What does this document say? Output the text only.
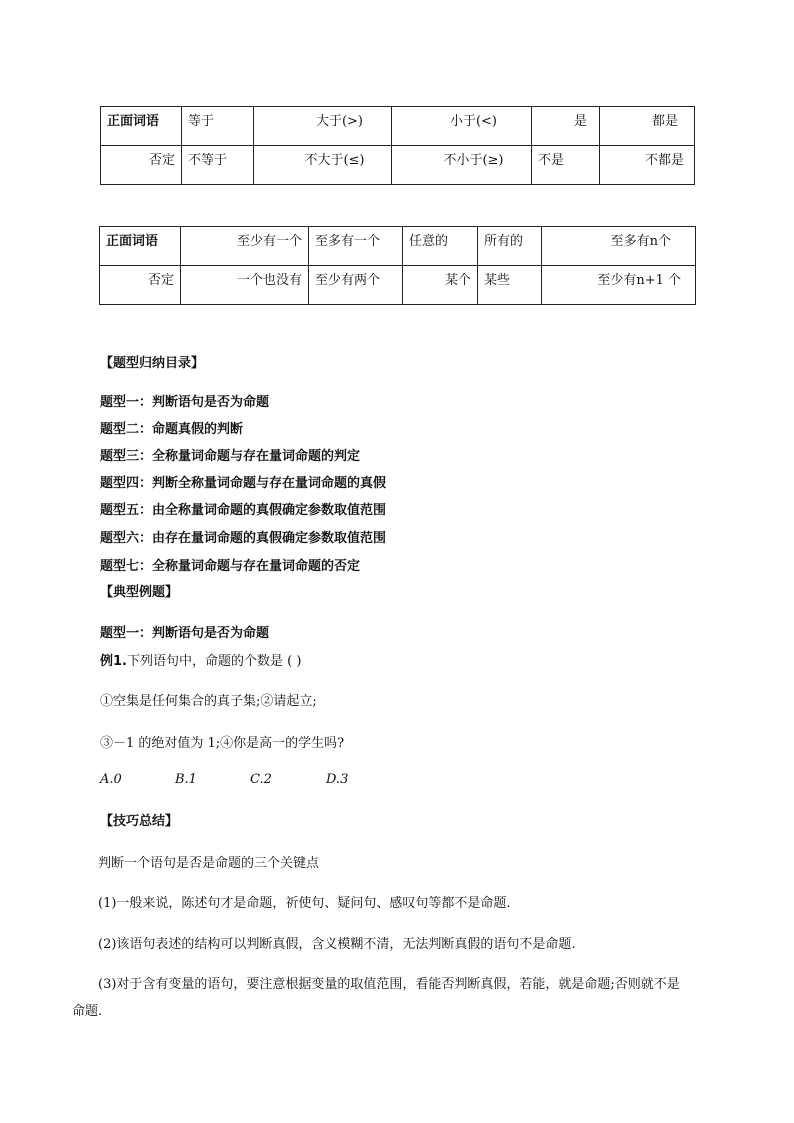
正面词语	等于	大于(>)	小于(<)	是	都是
否定	不等于	不大于(≤)	不小于(≥)	不是	不都是
正面词语	至少有一个	至多有一个	任意的	所有的	至多有n个
否定	一个也没有	至少有两个	某个	某些	至少有n+1 个
【题型归纳目录】
题型一：判断语句是否为命题
题型二：命题真假的判断
题型三：全称量词命题与存在量词命题的判定
题型四：判断全称量词命题与存在量词命题的真假
题型五：由全称量词命题的真假确定参数取值范围
题型六：由存在量词命题的真假确定参数取值范围
题型七：全称量词命题与存在量词命题的否定
【典型例题】
题型一：判断语句是否为命题
例1.下列语句中，命题的个数是 ( )
①空集是任何集合的真子集;②请起立;
③－1 的绝对值为 1;④你是高一的学生吗?
A.0	B.1	C.2	D.3
【技巧总结】
判断一个语句是否是命题的三个关键点
(1)一般来说，陈述句才是命题，祈使句、疑问句、感叹句等都不是命题.
(2)该语句表述的结构可以判断真假，含义模糊不清，无法判断真假的语句不是命题.
(3)对于含有变量的语句，要注意根据变量的取值范围，看能否判断真假，若能，就是命题;否则就不是
命题.
